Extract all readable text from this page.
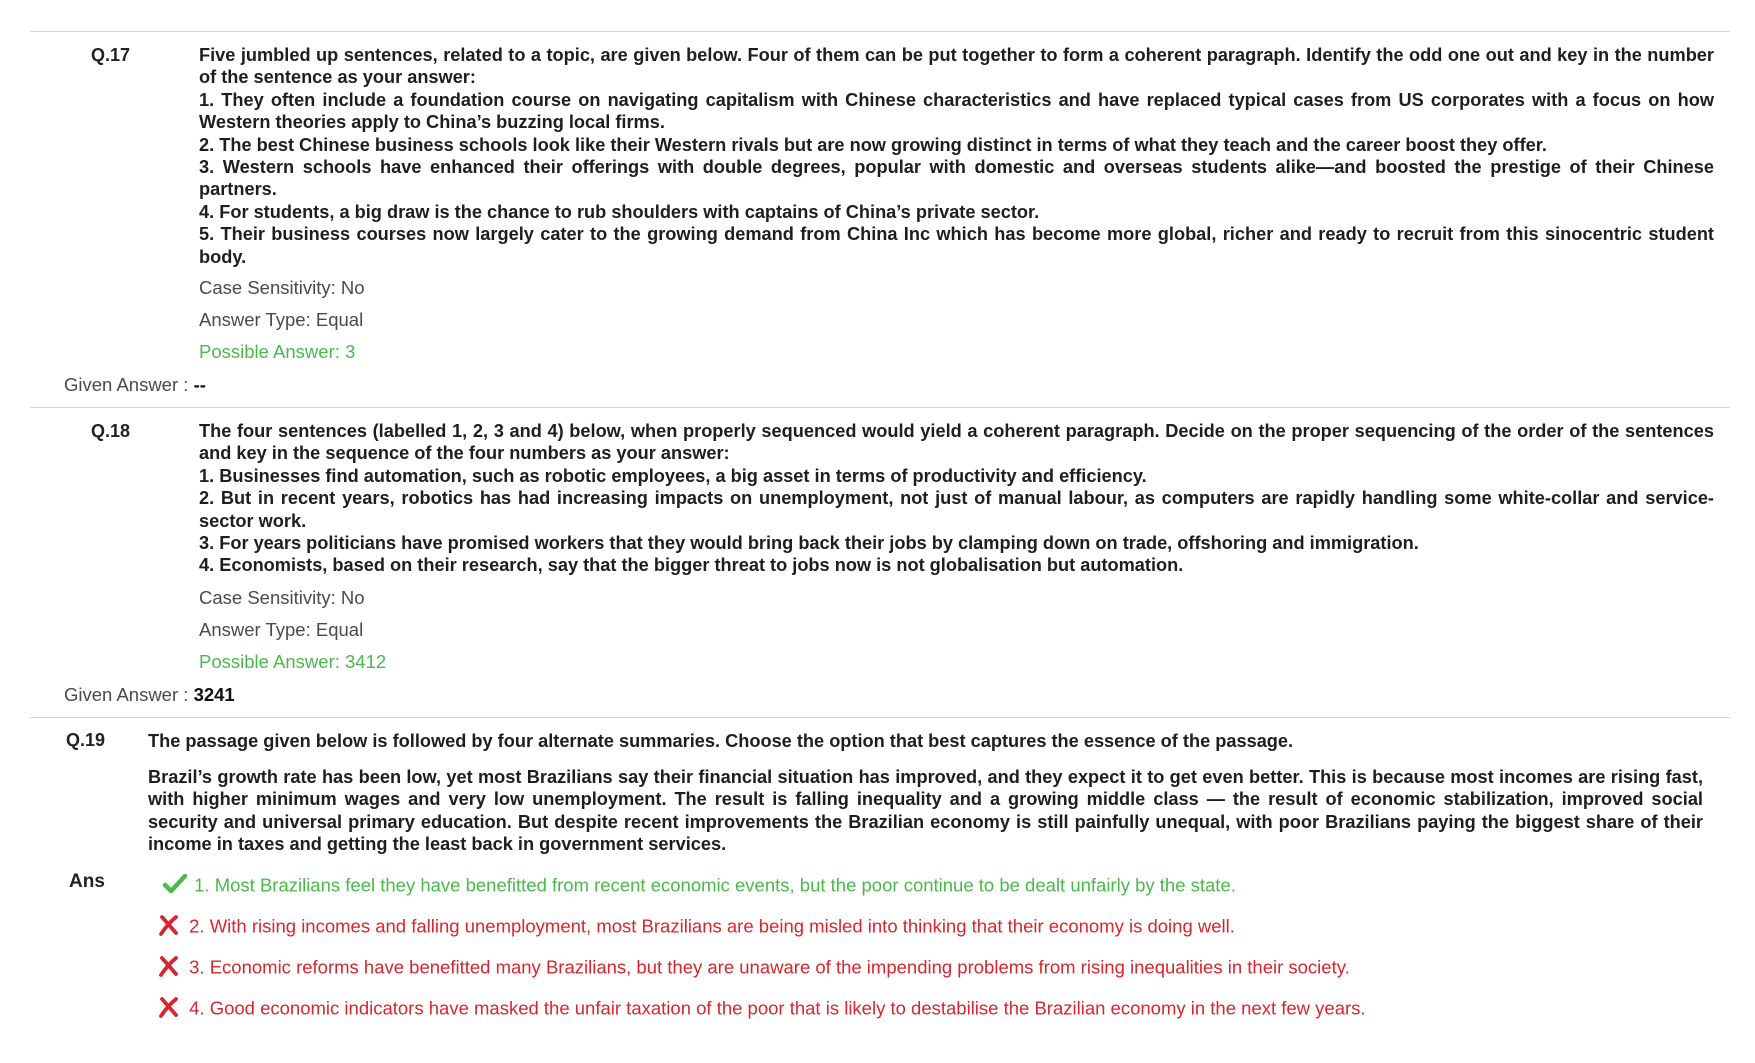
Q.17	Five jumbled up sentences, related to a topic, are given below. Four of them can be put together to form a coherent paragraph. Identify the odd one out and key in the number of the sentence as your answer:
1. They often include a foundation course on navigating capitalism with Chinese characteristics and have replaced typical cases from US corporates with a focus on how Western theories apply to China’s buzzing local firms.
2. The best Chinese business schools look like their Western rivals but are now growing distinct in terms of what they teach and the career boost they offer.
3. Western schools have enhanced their offerings with double degrees, popular with domestic and overseas students alike—and boosted the prestige of their Chinese partners.
4. For students, a big draw is the chance to rub shoulders with captains of China’s private sector.
5. Their business courses now largely cater to the growing demand from China Inc which has become more global, richer and ready to recruit from this sinocentric student body.
Case Sensitivity: No
Answer Type: Equal
Possible Answer: 3
Given Answer : --
Q.18	The four sentences (labelled 1, 2, 3 and 4) below, when properly sequenced would yield a coherent paragraph. Decide on the proper sequencing of the order of the sentences and key in the sequence of the four numbers as your answer:
1. Businesses find automation, such as robotic employees, a big asset in terms of productivity and efficiency.
2. But in recent years, robotics has had increasing impacts on unemployment, not just of manual labour, as computers are rapidly handling some white-collar and service-sector work.
3. For years politicians have promised workers that they would bring back their jobs by clamping down on trade, offshoring and immigration.
4. Economists, based on their research, say that the bigger threat to jobs now is not globalisation but automation.
Case Sensitivity: No
Answer Type: Equal
Possible Answer: 3412
Given Answer : 3241
Q.19 The passage given below is followed by four alternate summaries. Choose the option that best captures the essence of the passage.
Brazil’s growth rate has been low, yet most Brazilians say their financial situation has improved, and they expect it to get even better. This is because most incomes are rising fast, with higher minimum wages and very low unemployment. The result is falling inequality and a growing middle class — the result of economic stabilization, improved social security and universal primary education. But despite recent improvements the Brazilian economy is still painfully unequal, with poor Brazilians paying the biggest share of their income in taxes and getting the least back in government services.
Ans	1. Most Brazilians feel they have benefitted from recent economic events, but the poor continue to be dealt unfairly by the state.
2. With rising incomes and falling unemployment, most Brazilians are being misled into thinking that their economy is doing well.
3. Economic reforms have benefitted many Brazilians, but they are unaware of the impending problems from rising inequalities in their society.
4. Good economic indicators have masked the unfair taxation of the poor that is likely to destabilise the Brazilian economy in the next few years.
